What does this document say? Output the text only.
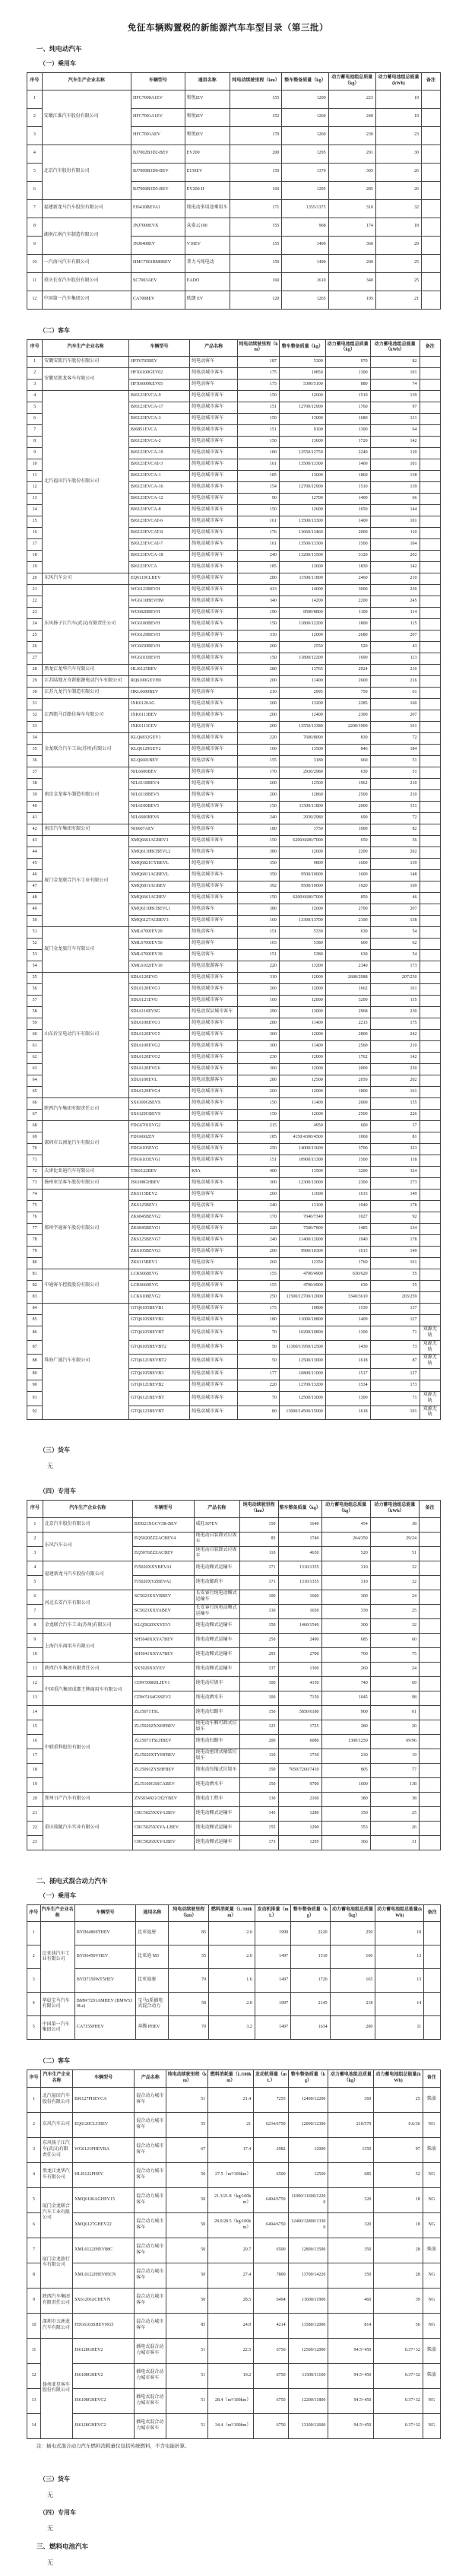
免征车辆购置税的新能源汽车车型目录（第三批）
一、纯电动汽车
（一）乘用车
序号	汽车生产企业名称	车辆型号	通用名称	纯电动续驶里程（km）	整车整备质量（kg）	动力蓄电池组总质量（kg）	动力蓄电池组总能量(kWh)	备注
1	安徽江淮汽车股份有限公司	HFC7000A1EV	和悦iEV	155	1200	223	19	
2		HFC7001A1EV	和悦iEV	152	1260	240	19	
3		HFC7001AEV	和悦iEV	170	1260	230	23	
4	北京汽车股份有限公司	BJ7002B3D2-BEV	EV200	200	1295	291	30	
5		BJ7000B3D6-BEV	E150EV	150	1370	305	26	
6		BJ7000B3D5-BEV	EV200-II	160	1295	285	26	
7	福建新龙马汽车股份有限公司	FJ6410BEVA1	纯电动多用途乘用车	171	1355/1375	310	32	
8	湖南江南汽车制造有限公司	JNJ7000EVX	众泰云100	155	968	174	18	
9		JNJ6408EV	V10EV	155	1400	360	29	
10	一汽海马汽车有限公司	HMC7001BM0BEV	普力马纯电动	150	1490	200	25	
11	重庆长安汽车股份有限公司	SC7003AEV	EADO	160	1610	340	25	
12	中国第一汽车集团公司	CA7008EV	欧朗 EV	120	1265	195	21	
（二）客车
序号	汽车生产企业名称	车辆型号	产品名称	纯电动续驶里程（km）	整车整备质量（kg）	动力蓄电池组总质量（kg）	动力蓄电池组总能量（kWh）	备注
1	安徽安凯汽车股份有限公司	HFF6705BEV	纯电动客车	187	5300	970	82	
2	安徽星凯龙客车有限公司	HFX6100GEV02	纯电动城市客车	175	10850	1300	101	
3		HFX6600KEV05	纯电动客车	175	5300/5100	880	74	
4	北汽福田汽车股份有限公司	BJ6123EVCA-9	纯电动城市客车	150	12600	1510	139	
5		BJ6123EVCA-17	纯电动城市客车	151	12700/12900	1760	97	
6		BJ6123EVCA-3	纯电动城市客车	150	13000	1680	131	
7		BJ6851EVCA	纯电动城市客车	151	9100	1300	64	
8		BJ6123EVCA-2	纯电动城市客车	150	13600	1720	142	
9		BJ6123EVCA-19	纯电动城市客车	180	12550/12750	2240	120	
10		BJ6123EVCAT-3	纯电动城市客车	161	13500/13300	1400	101	
11		BJ6123EVCA-1	纯电动城市客车	185	13600	1860	138	
12		BJ6123EVCA-16	纯电动城市客车	154	12700/12900	1510	139	
13		BJ6123EVCA-12	纯电动城市客车	90	12700	1400	66	
14		BJ6123EVCA-8	纯电动城市客车	150	12600	1650	144	
15		BJ6123EVCAT-6	纯电动城市客车	161	13500/13300	1400	101	
16		BJ6123EVCAT-8	纯电动城市客车	176	13660/13460	2000	110	
17		BJ6123EVCAT-7	纯电动城市客车	161	13500/13300	1500	104	
18		BJ6123EVCA-18	纯电动城市客车	240	13200/13500	3120	202	
19		BJ6123EVCA	纯电动城市客车	185	13600	1830	142	
20	东风汽车公司	EQ6110CLBEV	纯电动城市客车	280	11500/11800	2460	210	
21	东风扬子江汽车(武汉)有限责任公司	WG6123BEVH	纯电动城市客车	413	14000	3000	230	
22		WG6110BEVHM	纯电动城市客车	340	14200	2200	245	
23		WG6820BEVH	纯电动城市客车	190	8500/8800	1100	114	
24		WG6100BEVH	纯电动城市客车	150	11800/12200	1800	115	
25		WG6129BEVH	纯电动城市客车	310	12000	2680	207	
26		WG6650BEVH	纯电动城市客车	200	2550	520	43	
27		WG6101BEVH	纯电动城市客车	150	11800/12200	1690	113	
28	黑龙江龙华汽车有限公司	HLJ6125BEV	纯电动城市客车	280	13765	2924	210	
29	江苏陆地方舟新能源电动汽车有限公司	RQ6100GEVH0	纯电动城市客车	200	11400	2600	216	
30	江苏九龙汽车制造有限公司	HKL6600BEV	纯电动客车	210	2995	750	61	
31	江西凯马百路佳客车有限公司	JXK6120AG	纯电动城市客车	200	13200	2285	160	
32		JXK6113BEV	纯电动城市客车	200	12400	2300	207	
33		JXK6113CEV	纯电动客车	200	13550/13380	2200/1900	161	
34	金龙联合汽车工业(苏州)有限公司	KLQ6832GEV1	纯电动城市客车	220	7600/8000	830	72	
35		KLQ6129GEV2	纯电动城市客车	160	13500	846	184	
36		KLQ6601BEV	纯电动客车	155	3180	660	51	
37	南京金龙客车制造有限公司	NJL6600BEV	纯电动客车	170	2930/2980	630	51	
38		NJL6118BEV4	纯电动客车	200	12500	1962	210	
39		NJL6118BEV5	纯电动客车	200	12860	2500	210	
40		NJL6100BEV5	纯电动城市客车	150	11500/11800	2000	151	
41		NJL6600BEV6	纯电动客车	240	2930/2980	690	72	
42	南京汽车集团有限公司	NJ6607AEV	纯电动客车	180	3750	1000	82	
43	厦门金龙联合汽车工业有限公司	XMQ6661AGBEV1	纯电动城市客车	150	6200/6600/7000	650	56	
44		XMQ6110BCBEVL2	纯电动客车	380	12600	2200	202	
45		XMQ6821CYBEVL	纯电动客车	350	9800	1600	139	
46		XMQ6811AGBEVL	纯电动城市客车	350	9500/10000	1600	148	
47		XMQ6811AGBEV	纯电动城市客车	392	9500/10000	1920	169	
48		XMQ6661AGBEV	纯电动城市客车	150	6200/6600/7000	850	46	
49		XMQ6110BCBEVL1	纯电动客车	380	12600	2700	207	
50		XMQ6127AGBEV3	纯电动城市客车	160	13300/13700	2100	138	
51	厦门金龙旅行车有限公司	XML6700JEV20	纯电动客车	151	5330	630	54	
52		XML6700JEV50	纯电动客车	165	5380	600	62	
53		XML6700JEV30	纯电动客车	151	5380	630	54	
54		XML6102JEV10	纯电动旅游客车	220	13200	2340	173	
55	山东沂星电动汽车有限公司	SDL6120EVG	纯电动城市客车	310	12000	2680/2988	207/230	
56		SDL6120EVG1	纯电动城市客车	260	12000	1662	161	
57		SDL6121EVG	纯电动城市客车	160	12000	3200	115	
58		SDL6110EVSG	纯电动双层城市客车	290	13000	2968	230	
59		SDL6100EVG1	纯电动城市客车	280	11400	2215	175	
60		SDL6120EVG5	纯电动城市客车	360	12000	2800	242	
61		SDL6100EVG2	纯电动城市客车	300	11400	2560	210	
62		SDL6120EVG2	纯电动城市客车	230	12000	1762	142	
63		SDL6120EVG6	纯电动城市客车	360	12000	2000	230	
64		SDL6100EVL	纯电动旅游客车	280	12500	2050	202	
65		SDL6120EVG4	纯电动城市客车	260	12000	1800	161	
66	陕西汽车集团有限责任公司	SX6100GBEVS	纯电动城市客车	150	11400	2000	155	
67		SX6120GBEVS	纯电动城市客车	150	12600	2500	226	
68	深圳市五洲龙汽车有限公司	FDG6701EVG2	纯电动城市客车	215	4950	600	37	
69		FDG6602EV	纯电动城市客车	185	4150/4300/4500	1060	81	
70		FDG6105EVG	纯电动城市客车	250	14000/13600	3700	323	
71		FDG6103EVG1	纯电动城市客车	151	10900/11300	1500	118	
72	天津比亚迪汽车有限公司	TJK6122BEV	K9A	400	13500	3200	324	
73	扬州亚星客车股份有限公司	JS6108GHBEV	纯电动城市客车	300	12300/13000	2300	173	
74	郑州宇通客车股份有限公司	ZK6115BEV2	纯电动客车	260	11600	1615	149	
75		ZK6125BEV1	纯电动客车	240	13100	1940	178	
76		ZK6845BEVG2	纯电动城市客车	170	7040/7340	1027	92	
77		ZK6845BEVG1	纯电动城市客车	220	7500/7800	1485	134	
78		ZK6125BEVG7	纯电动城市客车	240	11400/12000	1940	178	
79		ZK6105BEVG3	纯电动城市客车	200	9900/10300	1615	149	
80		ZK6115BEV1	纯电动客车	260	12350	1760	161	
81	中通客车控股股份有限公司	LCK6668EVG	纯电动城市客车	155	4700/4900	630/620	55	
82		LCK6660EVG	纯电动城市客车	155	4700/4900	630	55	
83		LCK6108EVG2	纯电动城市客车	250	11500/12700/12000	3340/3610	203/259	
84	珠海广通汽车有限公司	GTQ6105BEVB1	纯电动城市客车	175	10800	1530	137	
85		GTQ6105BEVB2	纯电动城市客车	180	11000/10800	1409	127	
86		GTQ6105BEVBT	纯电动城市客车	70	10200/10800	1300	71	双源无轨
87		GTQ6105BEVBT2	纯电动城市客车	50	11300/11950/12500	1430	73	双源无轨
88		GTQ6121BEVBT2	纯电动城市客车	50	12500/13000	1618	87	双源无轨
89		GTQ6105BEVB3	纯电动城市客车	177	10800/11000	1517	127	
90		GTQ6121BEVB2	纯电动城市客车	220	12700/13200	1534	173	
91		GTQ6121BEVBT	纯电动城市客车	70	12500/13000	1300	71	双源无轨
92		GTQ6123BEVBT	纯电动城市客车	80	13000/14500/15000	1618	101	双源无轨
（三）货车
无
（四）专用车
序号	汽车生产企业名称	车辆型号	产品名称	纯电动续驶里程（km）	整车整备质量（kg）	动力蓄电池组总质量（kg）	动力蓄电池组总能量（kWh）	备注
1	北京汽车股份有限公司	BJ5021XGCV3R-BEV	威旺307EV	150	1640	454	38	
2	东风汽车公司	EQ5020ZZZACBEV4	纯电动自装卸式垃圾车	85	1740	264/350	29/24	
3		EQ5070ZZZACBEV	纯电动自装卸式垃圾车	110	4630	520	51	
4	福建新龙马汽车股份有限公司	FJ5020XXYBEVA1	纯电动厢式运输车	171	1310/1355	310	32	
5		FJ5020XYZBEVA1	纯电动邮政车	171	1310/1355	310	32	
6	河北长安汽车有限公司	SC5023XXYBBEV	长安睿行纯电动厢式运输车	100	1600	300	24	
7		SC5023XXYABEV	长安睿行纯电动厢式运输车	130	1650	330	25	
8	金龙联合汽车工业(苏州)有限公司	KLQ5020XXYEV1	纯电动厢式运输车	150	1460/1540	300	32	
9	上海汽车商用车有限公司	SH5040XXYA7BEV	纯电动厢式运输车	250	2490	685	60	
10		SH5041XXYA7BEV	纯电动厢式运输车	295	2700	700	75	
11	陕西汽车集团有限责任公司	SX5020XXYEV	纯电动厢式运输车	137	1300	260	24	
12	中国重汽集团成都王牌商用车有限公司	CDW5080ZLJEV1	纯电动垃圾车	100	4150	740	69	
13		CDW5164GSSEV2	纯电动洒水车	100	7150	1045	98	
14	中联重科股份有限公司	ZLJ5071TSL	纯电动扫路车	150	5850/6180	900	61	
15		ZLJ5020ZXXHFBEV	纯电动车厢可卸式垃圾车	125	1725	280	20	
16		ZLJ5071TSLHBEV	纯电动扫路车	200	6080	1300/1250	69/96	
17		ZLJ5020XTYHFBEV	纯电动密闭式桶装垃圾车	110	1730	230	19	
18		ZLJ5091ZYSHFBEV	纯电动压缩式垃圾车	150	7050/7260/7410	805	77	
19		ZLJ5160GSSCABEV	纯电动洒水车	150	9700	1600	138	
20	郑州日产汽车有限公司	ZN5034XGCH2YBEV	纯电动工程车	130	2160	380	38	
21	重庆瑞驰汽车实业有限公司	CRC5025XXY-LBEV	纯电动厢式运输车	145	1280	350	25	
22		CRC5025XXYA-LBEV	纯电动厢式运输车	155	1290	353	26	
23		CRC5026XXY-LBEV	纯电动厢式运输车	173	1295	366	31	
二、插电式混合动力汽车
（一）乘用车
序号	汽车生产企业名称	车辆型号	通用名称	纯电动续驶里程（km）	燃料消耗量（L/100km）	发动机排量（mL）	整车整备质量（kg）	动力蓄电池组总质量（kg）	动力蓄电池组总能量(kWh)	备注
1	比亚迪汽车工业有限公司	BYD6480STHEV	比亚迪唐	85	2.0	1999	2220	250	19	
2		BYD6450VHEV	比亚迪 M3	55	2.0	1497	1510	160	13	
3		BYD7150WT5HEV	比亚迪秦	70	1.6	1497	1720	165	13	
4	华晨宝马汽车有限公司	BMW7201AMHEV (BMW530Le)	宝马5系插电式混合动力	58	2.0	1997	2145	218	14	
5	中国第一汽车集团公司	CA7155PHEV	奔腾 PHEV	70	3.2	1497	1634	200	11	
（二）客车
序号	汽车生产企业名称	车辆型号	产品名称	纯电动续驶里程（km）	燃料消耗量（L/100km）	发动机排量（mL）	整车整备质量（kg）	动力蓄电池组总质量（kg）	动力蓄电池组总能量(kWh)	备注
1	北汽福田汽车股份有限公司	BJ6127PHEVCA	混合动力城市客车	51	21.4	7255	12400/12200	360	25	柴油
2	东风汽车公司	EQ6120CLCHEV	混合动力城市客车	55	21	6234/6750	12000/12300	210/570	0.6/36	NG
3	东风扬子江汽车(武汉)有限责任公司	WG6121PHEVBA	混合动力城市客车	67	17.4	2982	12000	1350	97	柴油
4	黑龙江龙华汽车有限公司	HLJ6122PHEV	混合动力城市客车	50	27.5（m³/100km）	6500	12569	685	52	NG
5	厦门金龙联合汽车工业有限公司	XMQ6106AGHEV15	混合动力城市客车	50	21.3/21.8（kg/100km）	6494/6750	11000/11600/12200	320	18	NG
6		XMQ6127GHEV22	混合动力城市客车	50	28.0/28.5（kg/100km）	6494/6750	12400/12800/13300	320	18	NG
7	厦门金龙旅行车有限公司	XML6122JHEV88C	混合动力城市客车	50	20.7	6500	12800/13500	350	28	柴油
8		XML6122JHEV85CN	混合动力城市客车	50	27.4	7800	13700/14220	350	28	NG
9	陕西汽车集团有限责任公司	SX6120GJCHEVN	混合动力城市客车	50	28.5	6494	11600/11900	460	39	NG
10	深圳市五洲龙汽车有限公司	FDG6103SHEVNG5	混合动力城市客车	85	24.0	4214	11580/12000	814	56	NG
11	扬州亚星客车股份有限公司	JS6128GHEV2	插电式混合动力城市客车	51	22.5	6750	12500/12000	94.5+450	0.37+32	柴油
12		JS6108GHEV2	插电式混合动力城市客车	51	19.2	6750	11500/11100	94.5+450	0.37+32	柴油
13		JS6108GHEVC2	插电式混合动力城市客车	51	28.4（m³/100km）	6750	12200/11800	94.5+450	0.37+32	NG
14		JS6128GHEVC2	插电式混合动力城市客车	51	34.4（m³/100km）	6750	13100/12600	94.5+450	0.37+32	NG
注：插电式混合动力汽车燃料消耗量仅包括传统燃料，不含电能折算。
（三）货车
无
（四）专用车
无
三、燃料电池汽车
无
